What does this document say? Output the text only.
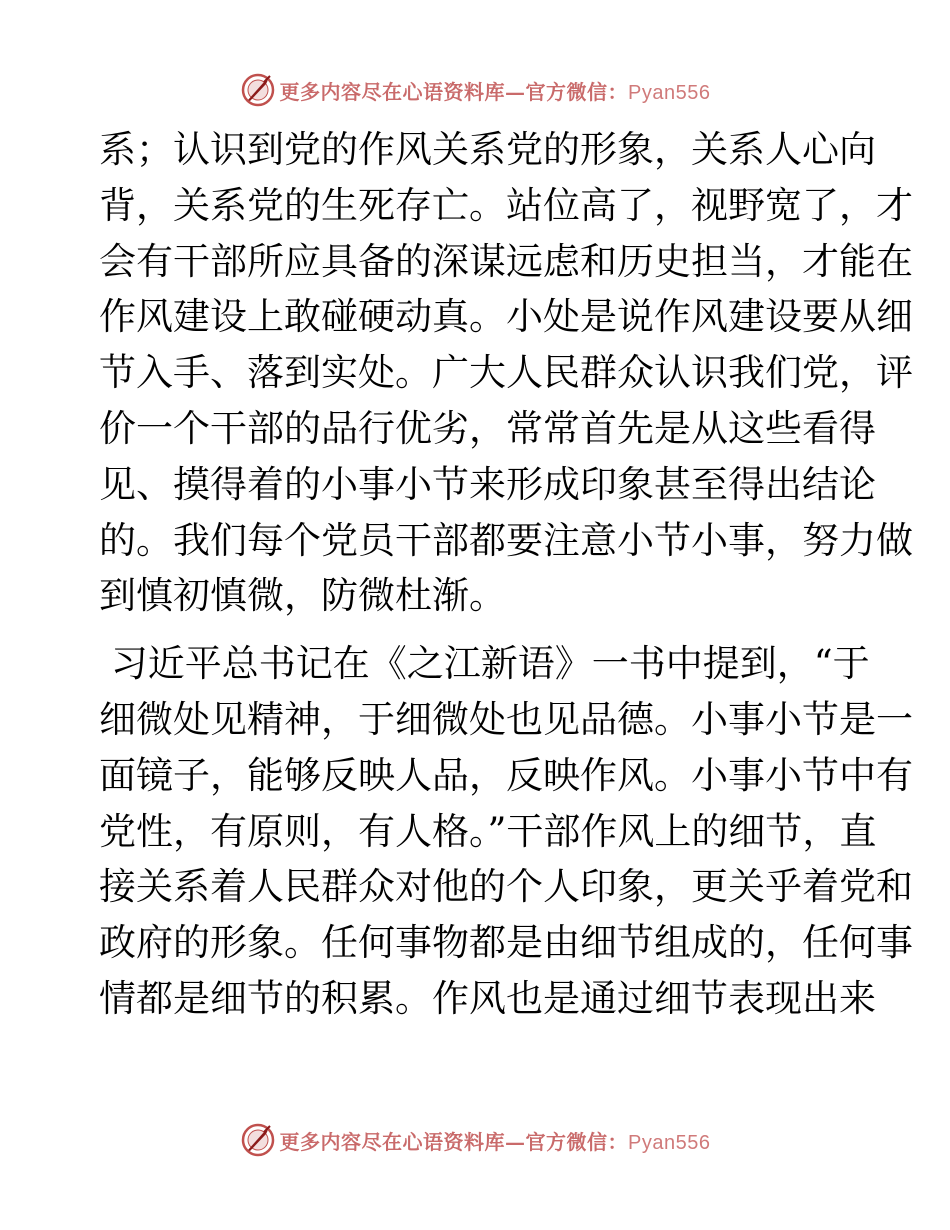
更多内容尽在心语资料库—官方微信：Pyan556

系；认识到党的作风关系党的形象，关系人心向
背，关系党的生死存亡。站位高了，视野宽了，才
会有干部所应具备的深谋远虑和历史担当，才能在
作风建设上敢碰硬动真。小处是说作风建设要从细
节入手、落到实处。广大人民群众认识我们党，评
价一个干部的品行优劣，常常首先是从这些看得
见、摸得着的小事小节来形成印象甚至得出结论
的。我们每个党员干部都要注意小节小事，努力做
到慎初慎微，防微杜渐。

习近平总书记在《之江新语》一书中提到，“于
细微处见精神，于细微处也见品德。小事小节是一
面镜子，能够反映人品，反映作风。小事小节中有
党性，有原则，有人格。”干部作风上的细节，直
接关系着人民群众对他的个人印象，更关乎着党和
政府的形象。任何事物都是由细节组成的，任何事
情都是细节的积累。作风也是通过细节表现出来

更多内容尽在心语资料库—官方微信：Pyan556
